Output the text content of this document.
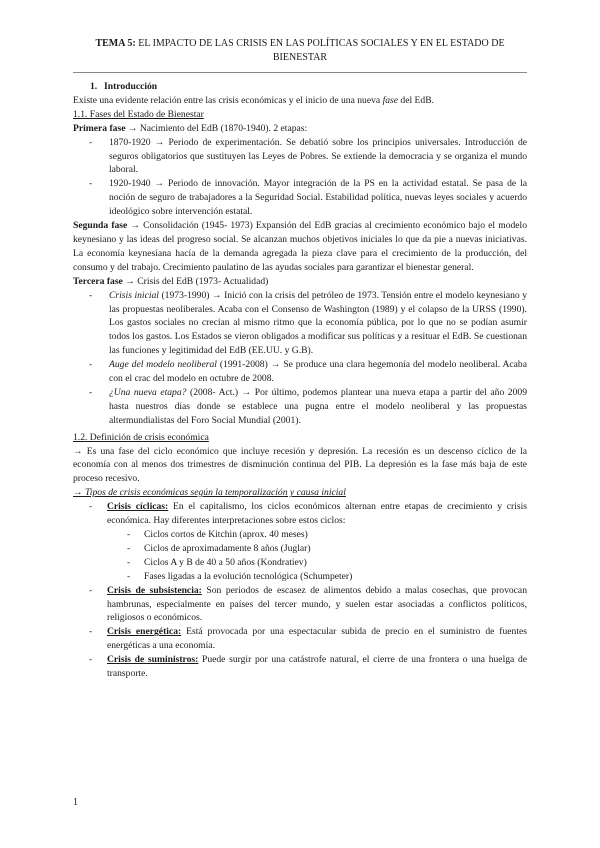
TEMA 5: EL IMPACTO DE LAS CRISIS EN LAS POLÍTICAS SOCIALES Y EN EL ESTADO DE BIENESTAR

1. Introducción

Existe una evidente relación entre las crisis económicas y el inicio de una nueva fase del EdB.

1.1. Fases del Estado de Bienestar

Primera fase → Nacimiento del EdB (1870-1940). 2 etapas:

- 1870-1920 → Periodo de experimentación. Se debatió sobre los principios universales. Introducción de seguros obligatorios que sustituyen las Leyes de Pobres. Se extiende la democracia y se organiza el mundo laboral.
- 1920-1940 → Periodo de innovación. Mayor integración de la PS en la actividad estatal. Se pasa de la noción de seguro de trabajadores a la Seguridad Social. Estabilidad política, nuevas leyes sociales y acuerdo ideológico sobre intervención estatal.

Segunda fase → Consolidación (1945- 1973) Expansión del EdB gracias al crecimiento económico bajo el modelo keynesiano y las ideas del progreso social. Se alcanzan muchos objetivos iniciales lo que da pie a nuevas iniciativas. La economía keynesiana hacía de la demanda agregada la pieza clave para el crecimiento de la producción, del consumo y del trabajo. Crecimiento paulatino de las ayudas sociales para garantizar el bienestar general.

Tercera fase → Crisis del EdB (1973- Actualidad)

- Crisis inicial (1973-1990) → Inició con la crisis del petróleo de 1973. Tensión entre el modelo keynesiano y las propuestas neoliberales. Acaba con el Consenso de Washington (1989) y el colapso de la URSS (1990). Los gastos sociales no crecían al mismo ritmo que la economía pública, por lo que no se podían asumir todos los gastos. Los Estados se vieron obligados a modificar sus políticas y a resituar el EdB. Se cuestionan las funciones y legitimidad del EdB (EE.UU. y G.B).
- Auge del modelo neoliberal (1991-2008) → Se produce una clara hegemonía del modelo neoliberal. Acaba con el crac del modelo en octubre de 2008.
- ¿Una nueva etapa? (2008- Act.) → Por último, podemos plantear una nueva etapa a partir del año 2009 hasta nuestros días donde se establece una pugna entre el modelo neoliberal y las propuestas altermundialistas del Foro Social Mundial (2001).

1.2. Definición de crisis económica

→ Es una fase del ciclo económico que incluye recesión y depresión. La recesión es un descenso cíclico de la economía con al menos dos trimestres de disminución continua del PIB. La depresión es la fase más baja de este proceso recesivo.

→ Tipos de crisis económicas según la temporalización y causa inicial

- Crisis cíclicas: En el capitalismo, los ciclos económicos alternan entre etapas de crecimiento y crisis económica. Hay diferentes interpretaciones sobre estos ciclos:
- Ciclos cortos de Kitchin (aprox. 40 meses)
- Ciclos de aproximadamente 8 años (Juglar)
- Ciclos A y B de 40 a 50 años (Kondratiev)
- Fases ligadas a la evolución tecnológica (Schumpeter)
- Crisis de subsistencia: Son periodos de escasez de alimentos debido a malas cosechas, que provocan hambrunas, especialmente en países del tercer mundo, y suelen estar asociadas a conflictos políticos, religiosos o económicos.
- Crisis energética: Está provocada por una espectacular subida de precio en el suministro de fuentes energéticas a una economía.
- Crisis de suministros: Puede surgir por una catástrofe natural, el cierre de una frontera o una huelga de transporte.
1
